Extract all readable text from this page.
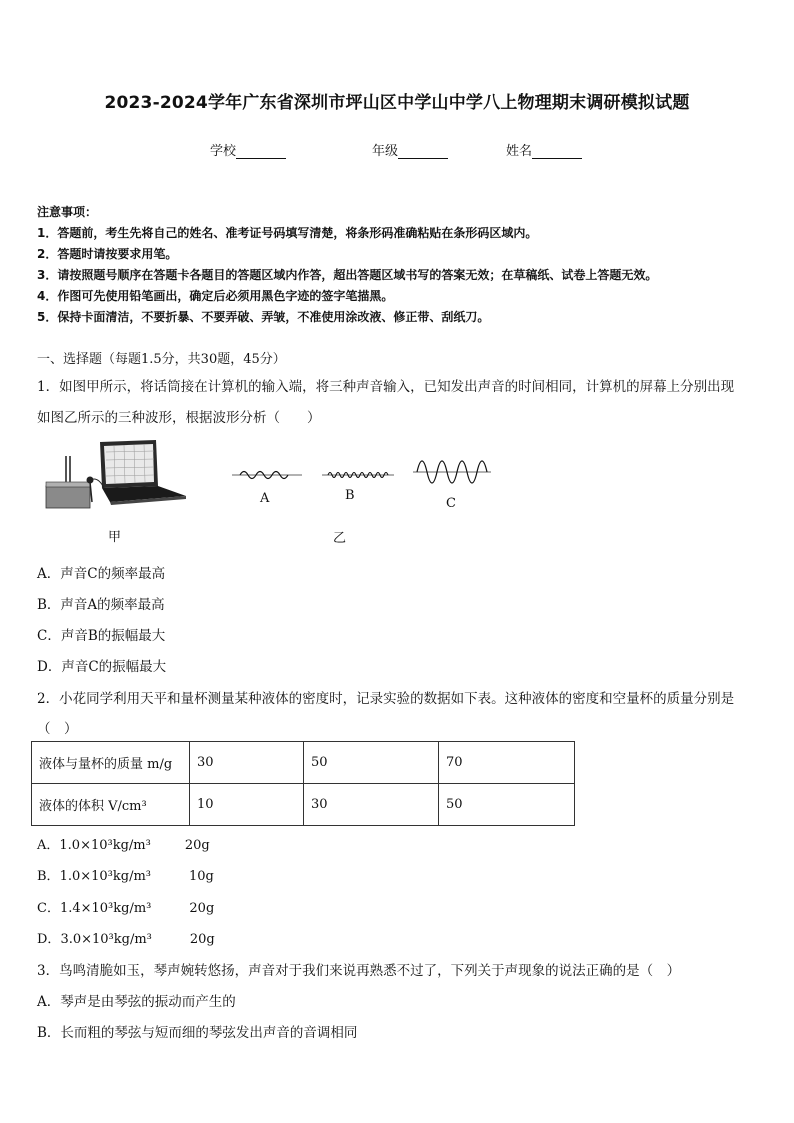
2023-2024学年广东省深圳市坪山区中学山中学八上物理期末调研模拟试题
学校	年级	姓名
注意事项：
1．答题前，考生先将自己的姓名、准考证号码填写清楚，将条形码准确粘贴在条形码区域内。
2．答题时请按要求用笔。
3．请按照题号顺序在答题卡各题目的答题区域内作答，超出答题区域书写的答案无效；在草稿纸、试卷上答题无效。
4．作图可先使用铅笔画出，确定后必须用黑色字迹的签字笔描黑。
5．保持卡面清洁，不要折暴、不要弄破、弄皱，不准使用涂改液、修正带、刮纸刀。
一、选择题（每题1.5分，共30题，45分）
1．如图甲所示，将话筒接在计算机的输入端，将三种声音输入，已知发出声音的时间相同，计算机的屏幕上分别出现
如图乙所示的三种波形，根据波形分析（　　）
甲
A	B
C
乙
A．声音C的频率最高
B．声音A的频率最高
C．声音B的振幅最大
D．声音C的振幅最大
2．小花同学利用天平和量杯测量某种液体的密度时，记录实验的数据如下表。这种液体的密度和空量杯的质量分别是
（　）
液体与量杯的质量 m/g	30	50	70
液体的体积 V/cm³	10	30	50
A．1.0×10³kg/m³	20g
B．1.0×10³kg/m³	10g
C．1.4×10³kg/m³	20g
D．3.0×10³kg/m³	20g
3．鸟鸣清脆如玉，琴声婉转悠扬，声音对于我们来说再熟悉不过了，下列关于声现象的说法正确的是（　）
A．琴声是由琴弦的振动而产生的
B．长而粗的琴弦与短而细的琴弦发出声音的音调相同
